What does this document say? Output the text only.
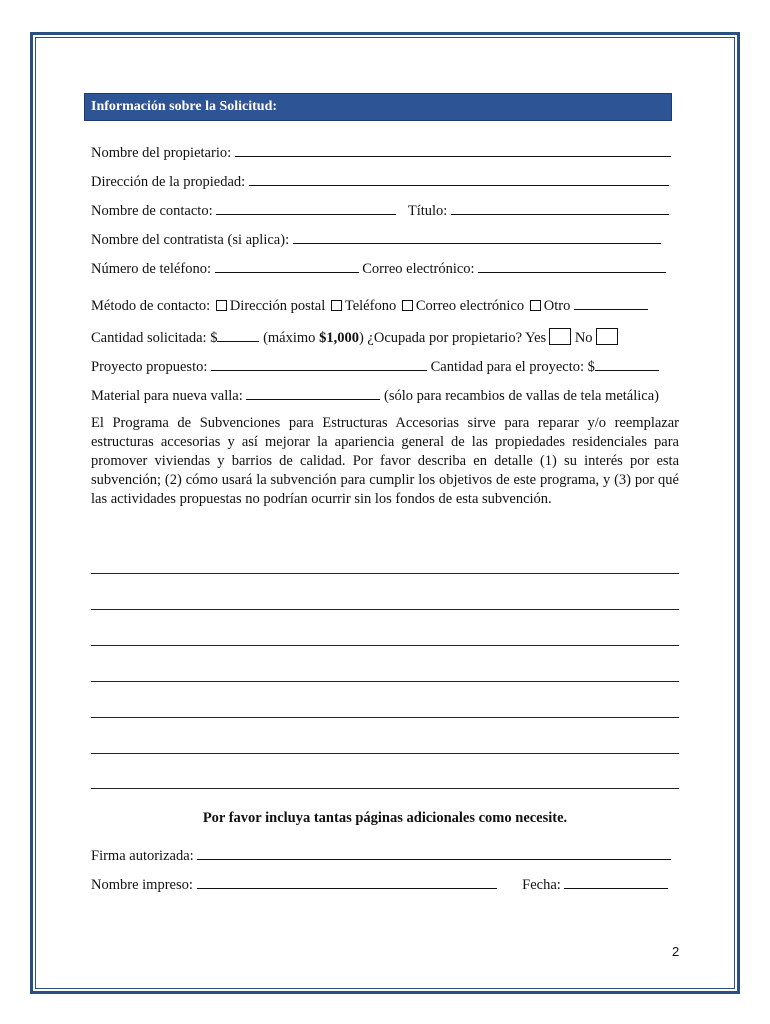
Información sobre la Solicitud:
Nombre del propietario:
Dirección de la propiedad:
Nombre de contacto:	Título:
Nombre del contratista (si aplica):
Número de teléfono:	Correo electrónico:
Método de contacto: Dirección postal Teléfono Correo electrónico Otro
Cantidad solicitada: $	(máximo $1,000) ¿Ocupada por propietario? Yes No
Proyecto propuesto:	Cantidad para el proyecto: $
Material para nueva valla:	(sólo para recambios de vallas de tela metálica)
El Programa de Subvenciones para Estructuras Accesorias sirve para reparar y/o reemplazar estructuras accesorias y así mejorar la apariencia general de las propiedades residenciales para promover viviendas y barrios de calidad. Por favor describa en detalle (1) su interés por esta subvención; (2) cómo usará la subvención para cumplir los objetivos de este programa, y (3) por qué las actividades propuestas no podrían ocurrir sin los fondos de esta subvención.
Por favor incluya tantas páginas adicionales como necesite.
Firma autorizada:
Nombre impreso:	Fecha:
2
